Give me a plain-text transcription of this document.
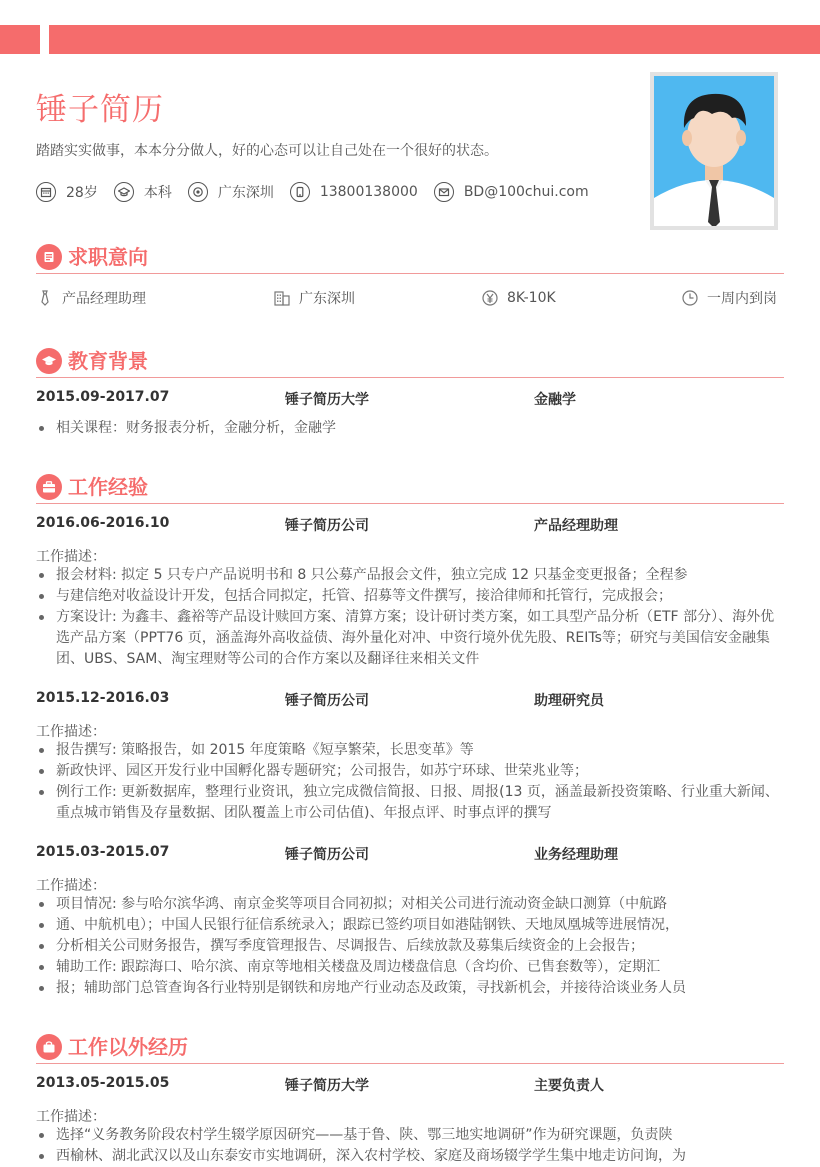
锤子简历
踏踏实实做事，本本分分做人，好的心态可以让自己处在一个很好的状态。
28岁	本科	广东深圳	13800138000	BD@100chui.com
求职意向
产品经理助理	广东深圳	8K-10K	一周内到岗
教育背景
2015.09-2017.07	锤子简历大学	金融学
相关课程：财务报表分析，金融分析，金融学
工作经验
2016.06-2016.10	锤子简历公司	产品经理助理
工作描述：
报会材料: 拟定 5 只专户产品说明书和 8 只公募产品报会文件，独立完成 12 只基金变更报备；全程参
与建信绝对收益设计开发，包括合同拟定，托管、招募等文件撰写，接洽律师和托管行，完成报会；
方案设计: 为鑫丰、鑫裕等产品设计赎回方案、清算方案；设计研讨类方案，如工具型产品分析（ETF 部分）、海外优选产品方案（PPT76 页，涵盖海外高收益债、海外量化对冲、中资行境外优先股、REITs等；研究与美国信安金融集团、UBS、SAM、淘宝理财等公司的合作方案以及翻译往来相关文件
2015.12-2016.03	锤子简历公司	助理研究员
工作描述：
报告撰写: 策略报告，如 2015 年度策略《短享繁荣，长思变革》等
新政快评、园区开发行业中国孵化器专题研究；公司报告，如苏宁环球、世荣兆业等；
例行工作: 更新数据库，整理行业资讯，独立完成微信简报、日报、周报(13 页，涵盖最新投资策略、行业重大新闻、重点城市销售及存量数据、团队覆盖上市公司估值)、年报点评、时事点评的撰写
2015.03-2015.07	锤子简历公司	业务经理助理
工作描述：
项目情况: 参与哈尔滨华鸿、南京金奖等项目合同初拟；对相关公司进行流动资金缺口测算（中航路
通、中航机电）；中国人民银行征信系统录入；跟踪已签约项目如港陆钢铁、天地凤凰城等进展情况，
分析相关公司财务报告，撰写季度管理报告、尽调报告、后续放款及募集后续资金的上会报告；
辅助工作: 跟踪海口、哈尔滨、南京等地相关楼盘及周边楼盘信息（含均价、已售套数等），定期汇
报；辅助部门总管查询各行业特别是钢铁和房地产行业动态及政策，寻找新机会，并接待洽谈业务人员
工作以外经历
2013.05-2015.05	锤子简历大学	主要负责人
工作描述：
选择“义务教务阶段农村学生辍学原因研究——基于鲁、陕、鄂三地实地调研”作为研究课题，负责陕
西榆林、湖北武汉以及山东泰安市实地调研，深入农村学校、家庭及商场辍学学生集中地走访问询，为
